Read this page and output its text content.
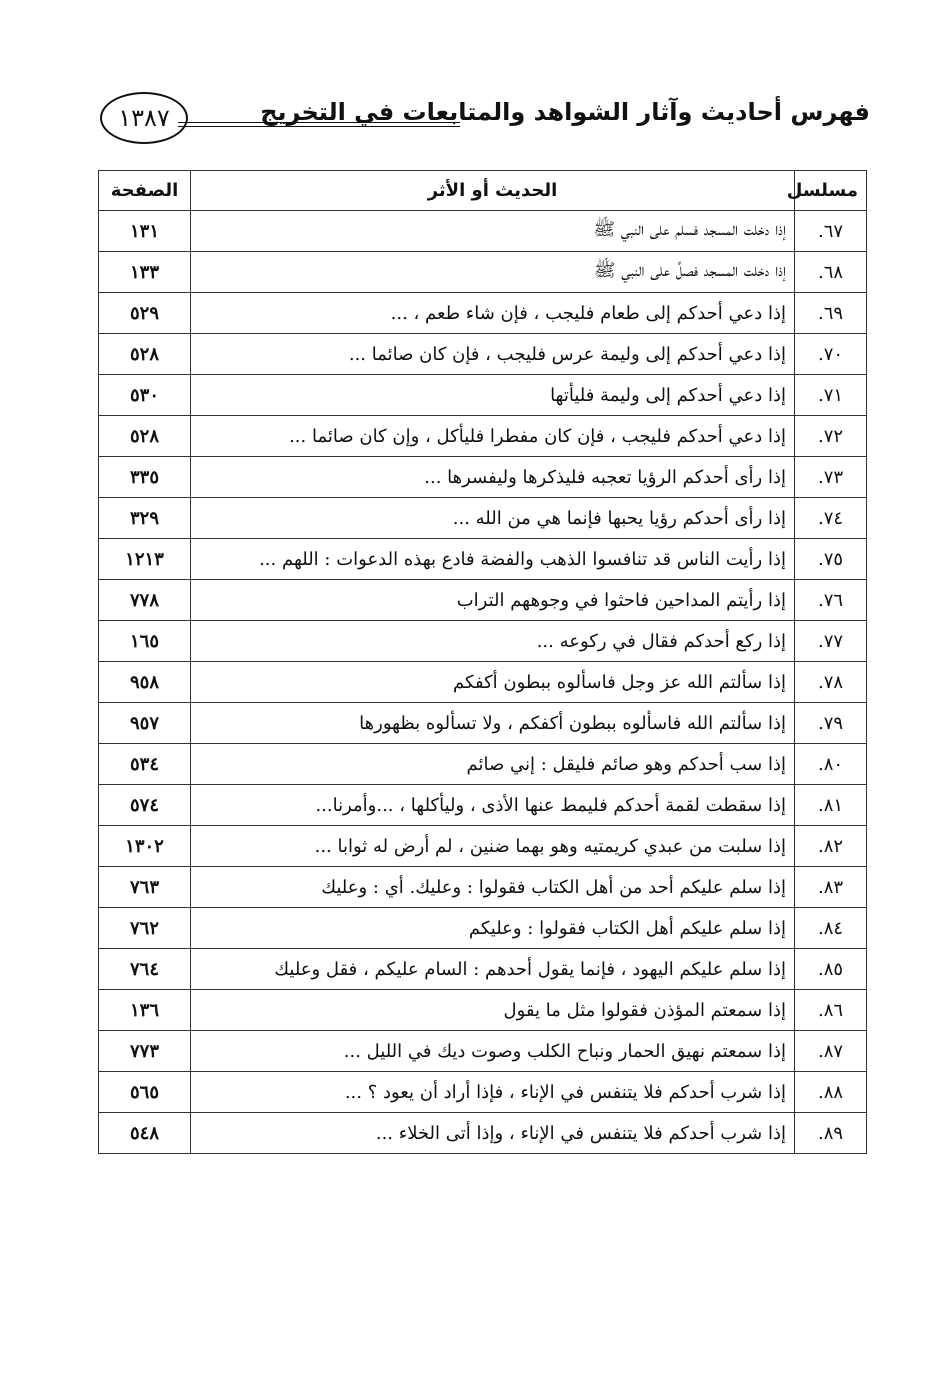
فهرس أحاديث وآثار الشواهد والمتابعات في التخريج
١٣٨٧
مسلسل	الحديث أو الأثر	الصفحة
٦٧.	إذا دخلت المسجد فسلم على النبي ﷺ	١٣١
٦٨.	إذا دخلت المسجد فصلِّ على النبي ﷺ	١٣٣
٦٩.	إذا دعي أحدكم إلى طعام فليجب ، فإن شاء طعم ، ...	٥٢٩
٧٠.	إذا دعي أحدكم إلى وليمة عرس فليجب ، فإن كان صائما ...	٥٢٨
٧١.	إذا دعي أحدكم إلى وليمة فليأتها	٥٣٠
٧٢.	إذا دعي أحدكم فليجب ، فإن كان مفطرا فليأكل ، وإن كان صائما ...	٥٢٨
٧٣.	إذا رأى أحدكم الرؤيا تعجبه فليذكرها وليفسرها ...	٣٣٥
٧٤.	إذا رأى أحدكم رؤيا يحبها فإنما هي من الله ...	٣٢٩
٧٥.	إذا رأيت الناس قد تنافسوا الذهب والفضة فادع بهذه الدعوات : اللهم ...	١٢١٣
٧٦.	إذا رأيتم المداحين فاحثوا في وجوههم التراب	٧٧٨
٧٧.	إذا ركع أحدكم فقال في ركوعه ...	١٦٥
٧٨.	إذا سألتم الله عز وجل فاسألوه ببطون أكفكم	٩٥٨
٧٩.	إذا سألتم الله فاسألوه ببطون أكفكم ، ولا تسألوه بظهورها	٩٥٧
٨٠.	إذا سب أحدكم وهو صائم فليقل : إني صائم	٥٣٤
٨١.	إذا سقطت لقمة أحدكم فليمط عنها الأذى ، وليأكلها ، ...وأمرنا...	٥٧٤
٨٢.	إذا سلبت من عبدي كريمتيه وهو بهما ضنين ، لم أرض له ثوابا ...	١٣٠٢
٨٣.	إذا سلم عليكم أحد من أهل الكتاب فقولوا : وعليك. أي : وعليك	٧٦٣
٨٤.	إذا سلم عليكم أهل الكتاب فقولوا : وعليكم	٧٦٢
٨٥.	إذا سلم عليكم اليهود ، فإنما يقول أحدهم : السام عليكم ، فقل وعليك	٧٦٤
٨٦.	إذا سمعتم المؤذن فقولوا مثل ما يقول	١٣٦
٨٧.	إذا سمعتم نهيق الحمار ونباح الكلب وصوت ديك في الليل ...	٧٧٣
٨٨.	إذا شرب أحدكم فلا يتنفس في الإناء ، فإذا أراد أن يعود ؟ ...	٥٦٥
٨٩.	إذا شرب أحدكم فلا يتنفس في الإناء ، وإذا أتى الخلاء ...	٥٤٨
